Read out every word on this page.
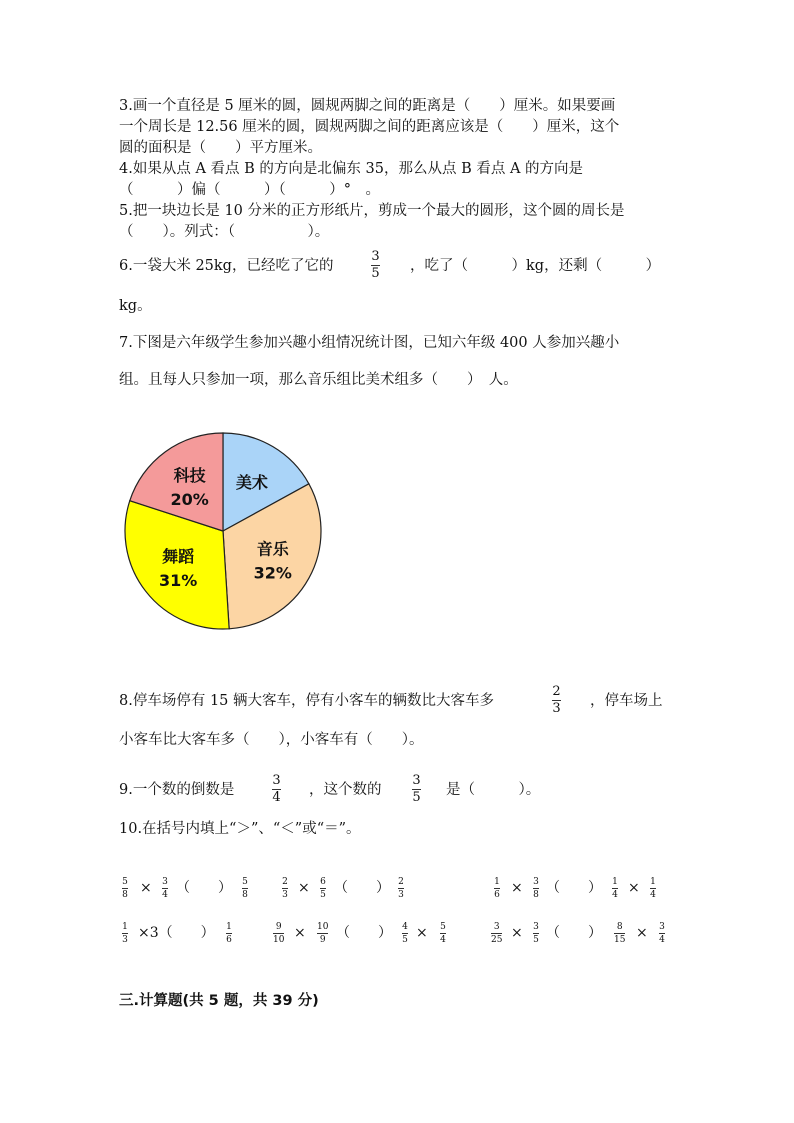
3.画一个直径是 5 厘米的圆，圆规两脚之间的距离是（　　）厘米。如果要画
一个周长是 12.56 厘米的圆，圆规两脚之间的距离应该是（　　）厘米，这个
圆的面积是（　　）平方厘米。
4.如果从点 A 看点 B 的方向是北偏东 35，那么从点 B 看点 A 的方向是
（　　　）偏（　　　）（　　　）°　。
5.把一块边长是 10 分米的正方形纸片，剪成一个最大的圆形，这个圆的周长是
（　　）。列式：（　　　　　）。
6.一袋大米 25kg，已经吃了它的
3
5 ，吃了（　　　）kg，还剩（　　　）
kg。
7.下图是六年级学生参加兴趣小组情况统计图，已知六年级 400 人参加兴趣小
组。且每人只参加一项，那么音乐组比美术组多（　　）　人。
美术
音乐
32%
舞蹈
31%
科技
20%
8.停车场停有 15 辆大客车，停有小客车的辆数比大客车多
2
3 ，停车场上
小客车比大客车多（　　），小客车有（　　）。
9.一个数的倒数是
3
4 ，这个数的
3
5 是（　　　）。
10.在括号内填上“＞”、“＜”或“＝”。
5
8 × 3
4 （　　） 5
8
2
3 × 6
5 （　　） 2
3
1
6 × 3
8 （　　） 1
4 × 1
4
1
3 ×3（　　） 1
6
9
10 × 10
9 （　　） 4
5 × 5
4
3
25 × 3
5 （　　） 8
15 × 3
4
三.计算题(共 5 题，共 39 分)
